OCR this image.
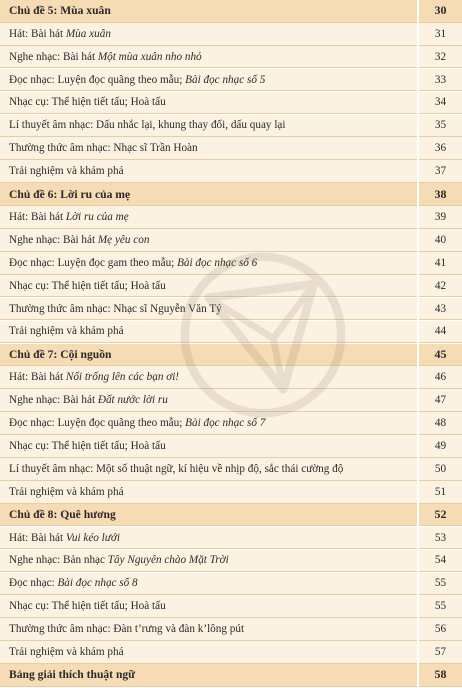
Chủ đề 5: Mùa xuân	30
Hát: Bài hát Mùa xuân	31
Nghe nhạc: Bài hát Một mùa xuân nho nhỏ	32
Đọc nhạc: Luyện đọc quãng theo mẫu; Bài đọc nhạc số 5	33
Nhạc cụ: Thể hiện tiết tấu; Hoà tấu	34
Lí thuyết âm nhạc: Dấu nhắc lại, khung thay đổi, dấu quay lại	35
Thường thức âm nhạc: Nhạc sĩ Trần Hoàn	36
Trải nghiệm và khám phá	37
Chủ đề 6: Lời ru của mẹ	38
Hát: Bài hát Lời ru của mẹ	39
Nghe nhạc: Bài hát Mẹ yêu con	40
Đọc nhạc: Luyện đọc gam theo mẫu; Bài đọc nhạc số 6	41
Nhạc cụ: Thể hiện tiết tấu; Hoà tấu	42
Thường thức âm nhạc: Nhạc sĩ Nguyễn Văn Tý	43
Trải nghiệm và khám phá	44
Chủ đề 7: Cội nguồn	45
Hát: Bài hát Nổi trống lên các bạn ơi!	46
Nghe nhạc: Bài hát Đất nước lời ru	47
Đọc nhạc: Luyện đọc quãng theo mẫu; Bài đọc nhạc số 7	48
Nhạc cụ: Thể hiện tiết tấu; Hoà tấu	49
Lí thuyết âm nhạc: Một số thuật ngữ, kí hiệu về nhịp độ, sắc thái cường độ	50
Trải nghiệm và khám phá	51
Chủ đề 8: Quê hương	52
Hát: Bài hát Vui kéo lưới	53
Nghe nhạc: Bản nhạc Tây Nguyên chào Mặt Trời	54
Đọc nhạc: Bài đọc nhạc số 8	55
Nhạc cụ: Thể hiện tiết tấu; Hoà tấu	55
Thường thức âm nhạc: Đàn t’rưng và đàn k’lông pút	56
Trải nghiệm và khám phá	57
Bảng giải thích thuật ngữ	58
